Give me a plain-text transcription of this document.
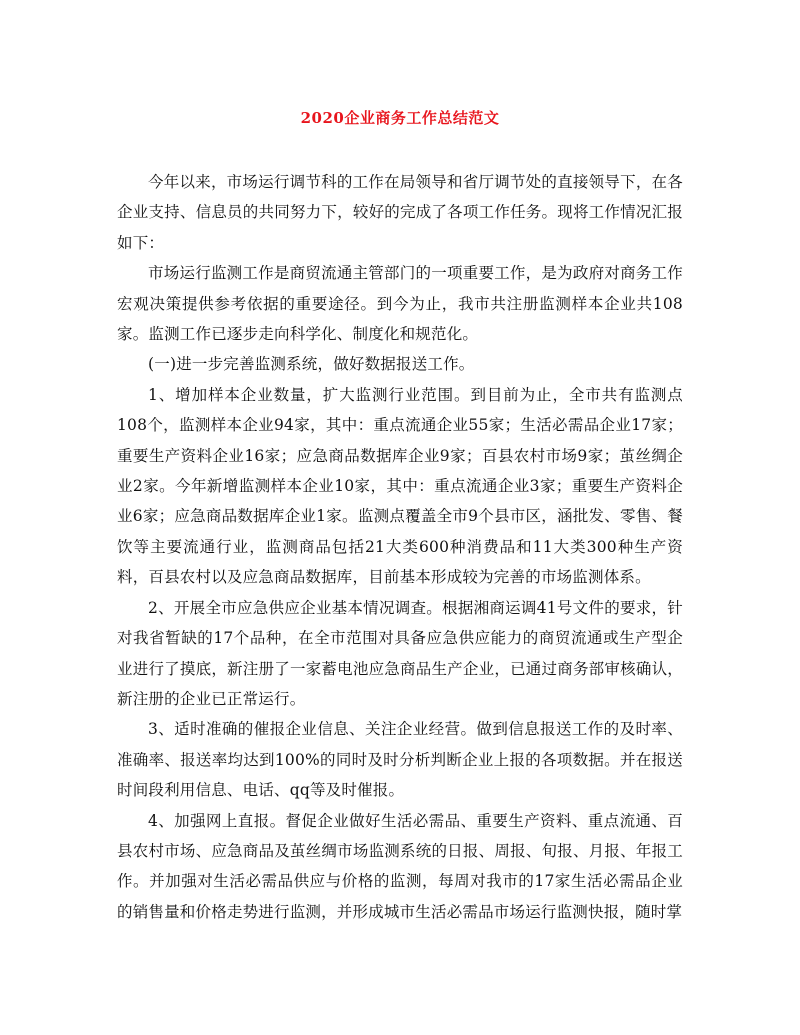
2020企业商务工作总结范文

今年以来，市场运行调节科的工作在局领导和省厅调节处的直接领导下，在各企业支持、信息员的共同努力下，较好的完成了各项工作任务。现将工作情况汇报如下：

市场运行监测工作是商贸流通主管部门的一项重要工作，是为政府对商务工作宏观决策提供参考依据的重要途径。到今为止，我市共注册监测样本企业共108家。监测工作已逐步走向科学化、制度化和规范化。

(一)进一步完善监测系统，做好数据报送工作。

1、增加样本企业数量，扩大监测行业范围。到目前为止，全市共有监测点108个，监测样本企业94家，其中：重点流通企业55家；生活必需品企业17家；重要生产资料企业16家；应急商品数据库企业9家；百县农村市场9家；茧丝绸企业2家。今年新增监测样本企业10家，其中：重点流通企业3家；重要生产资料企业6家；应急商品数据库企业1家。监测点覆盖全市9个县市区，涵批发、零售、餐饮等主要流通行业，监测商品包括21大类600种消费品和11大类300种生产资料，百县农村以及应急商品数据库，目前基本形成较为完善的市场监测体系。

2、开展全市应急供应企业基本情况调查。根据湘商运调41号文件的要求，针对我省暂缺的17个品种，在全市范围对具备应急供应能力的商贸流通或生产型企业进行了摸底，新注册了一家蓄电池应急商品生产企业，已通过商务部审核确认，新注册的企业已正常运行。

3、适时准确的催报企业信息、关注企业经营。做到信息报送工作的及时率、准确率、报送率均达到100%的同时及时分析判断企业上报的各项数据。并在报送时间段利用信息、电话、qq等及时催报。

4、加强网上直报。督促企业做好生活必需品、重要生产资料、重点流通、百县农村市场、应急商品及茧丝绸市场监测系统的日报、周报、旬报、月报、年报工作。并加强对生活必需品供应与价格的监测，每周对我市的17家生活必需品企业的销售量和价格走势进行监测，并形成城市生活必需品市场运行监测快报，随时掌
